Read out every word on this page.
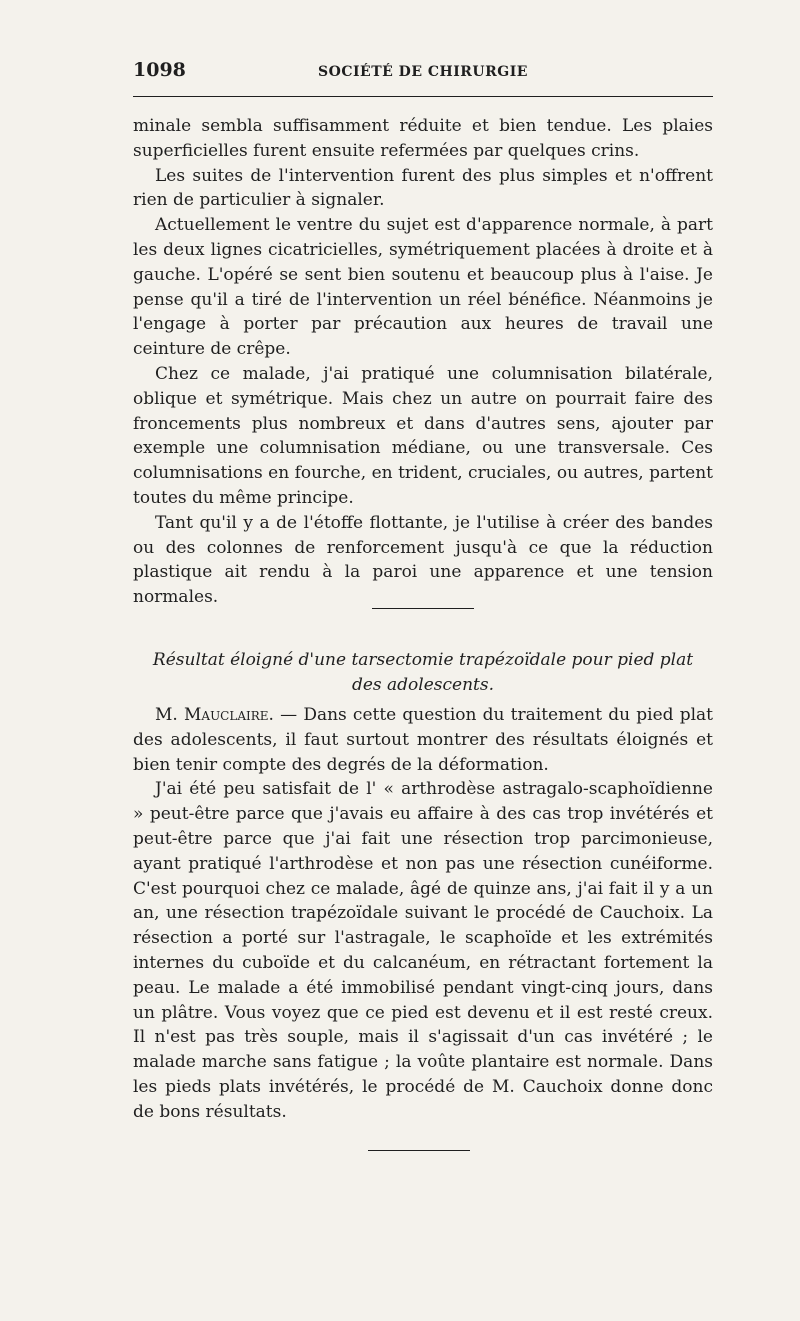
1098	SOCIÉTÉ DE CHIRURGIE

minale sembla suffisamment réduite et bien tendue. Les plaies superficielles furent ensuite refermées par quelques crins.

Les suites de l'intervention furent des plus simples et n'offrent rien de particulier à signaler.

Actuellement le ventre du sujet est d'apparence normale, à part les deux lignes cicatricielles, symétriquement placées à droite et à gauche. L'opéré se sent bien soutenu et beaucoup plus à l'aise. Je pense qu'il a tiré de l'intervention un réel bénéfice. Néanmoins je l'engage à porter par précaution aux heures de travail une ceinture de crêpe.

Chez ce malade, j'ai pratiqué une columnisation bilatérale, oblique et symétrique. Mais chez un autre on pourrait faire des froncements plus nombreux et dans d'autres sens, ajouter par exemple une columnisation médiane, ou une transversale. Ces columnisations en fourche, en trident, cruciales, ou autres, partent toutes du même principe.

Tant qu'il y a de l'étoffe flottante, je l'utilise à créer des bandes ou des colonnes de renforcement jusqu'à ce que la réduction plastique ait rendu à la paroi une apparence et une tension normales.

Résultat éloigné d'une tarsectomie trapézoïdale pour pied plat
des adolescents.

M. Mauclaire. — Dans cette question du traitement du pied plat des adolescents, il faut surtout montrer des résultats éloignés et bien tenir compte des degrés de la déformation.

J'ai été peu satisfait de l' « arthrodèse astragalo-scaphoïdienne » peut-être parce que j'avais eu affaire à des cas trop invétérés et peut-être parce que j'ai fait une résection trop parcimonieuse, ayant pratiqué l'arthrodèse et non pas une résection cunéiforme. C'est pourquoi chez ce malade, âgé de quinze ans, j'ai fait il y a un an, une résection trapézoïdale suivant le procédé de Cauchoix. La résection a porté sur l'astragale, le scaphoïde et les extrémités internes du cuboïde et du calcanéum, en rétractant fortement la peau. Le malade a été immobilisé pendant vingt-cinq jours, dans un plâtre. Vous voyez que ce pied est devenu et il est resté creux. Il n'est pas très souple, mais il s'agissait d'un cas invétéré ; le malade marche sans fatigue ; la voûte plantaire est normale. Dans les pieds plats invétérés, le procédé de M. Cauchoix donne donc de bons résultats.
